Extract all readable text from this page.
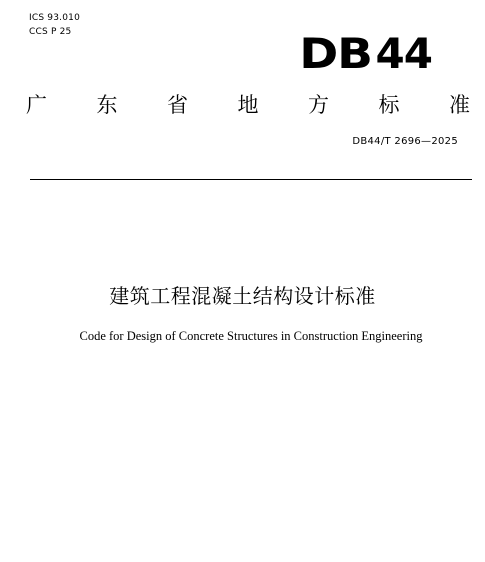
ICS 93.010
CCS P 25	DB44
广 东 省 地 方 标 准
DB44/T 2696—2025
建筑工程混凝土结构设计标准
Code for Design of Concrete Structures in Construction Engineering
